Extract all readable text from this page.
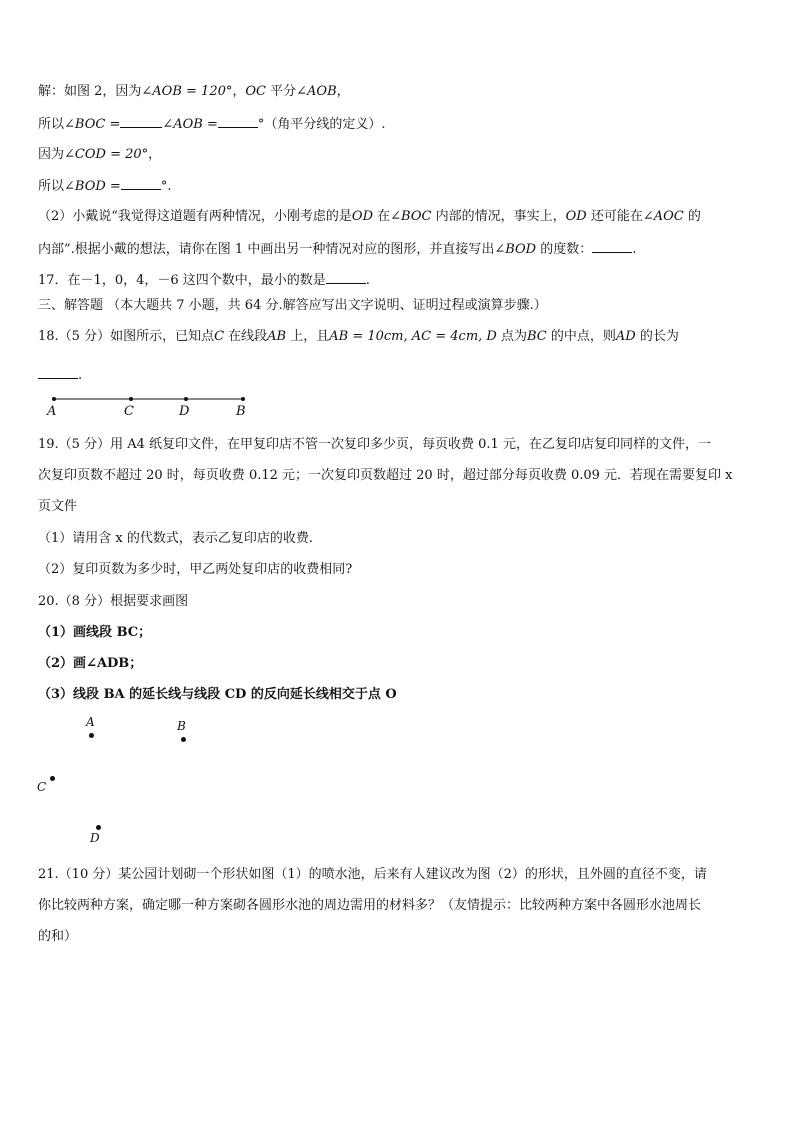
解：如图 2，因为∠AOB = 120°，OC 平分∠AOB，
所以∠BOC =	∠AOB =	°（角平分线的定义）.
因为∠COD = 20°，
所以∠BOD =	°.
（2）小戴说“我觉得这道题有两种情况，小刚考虑的是OD 在∠BOC 内部的情况，事实上，OD 还可能在∠AOC 的
内部”.根据小戴的想法，请你在图 1 中画出另一种情况对应的图形，并直接写出∠BOD 的度数：	.
17．在－1，0，4，－6 这四个数中，最小的数是	.
三、解答题 （本大题共 7 小题，共 64 分.解答应写出文字说明、证明过程或演算步骤.）
18.（5 分）如图所示，已知点C 在线段AB 上，且AB = 10cm, AC = 4cm, D 点为BC 的中点，则AD 的长为
.
A	C	D	B
19.（5 分）用 A4 纸复印文件，在甲复印店不管一次复印多少页，每页收费 0.1 元，在乙复印店复印同样的文件，一
次复印页数不超过 20 时，每页收费 0.12 元；一次复印页数超过 20 时，超过部分每页收费 0.09 元．若现在需要复印 x
页文件
（1）请用含 x 的代数式，表示乙复印店的收费.
（2）复印页数为多少时，甲乙两处复印店的收费相同?
20.（8 分）根据要求画图
（1）画线段 BC；
（2）画∠ADB；
（3）线段 BA 的延长线与线段 CD 的反向延长线相交于点 O
A	B
C
D
21.（10 分）某公园计划砌一个形状如图（1）的喷水池，后来有人建议改为图（2）的形状，且外圆的直径不变，请
你比较两种方案，确定哪一种方案砌各圆形水池的周边需用的材料多？（友情提示：比较两种方案中各圆形水池周长
的和）
